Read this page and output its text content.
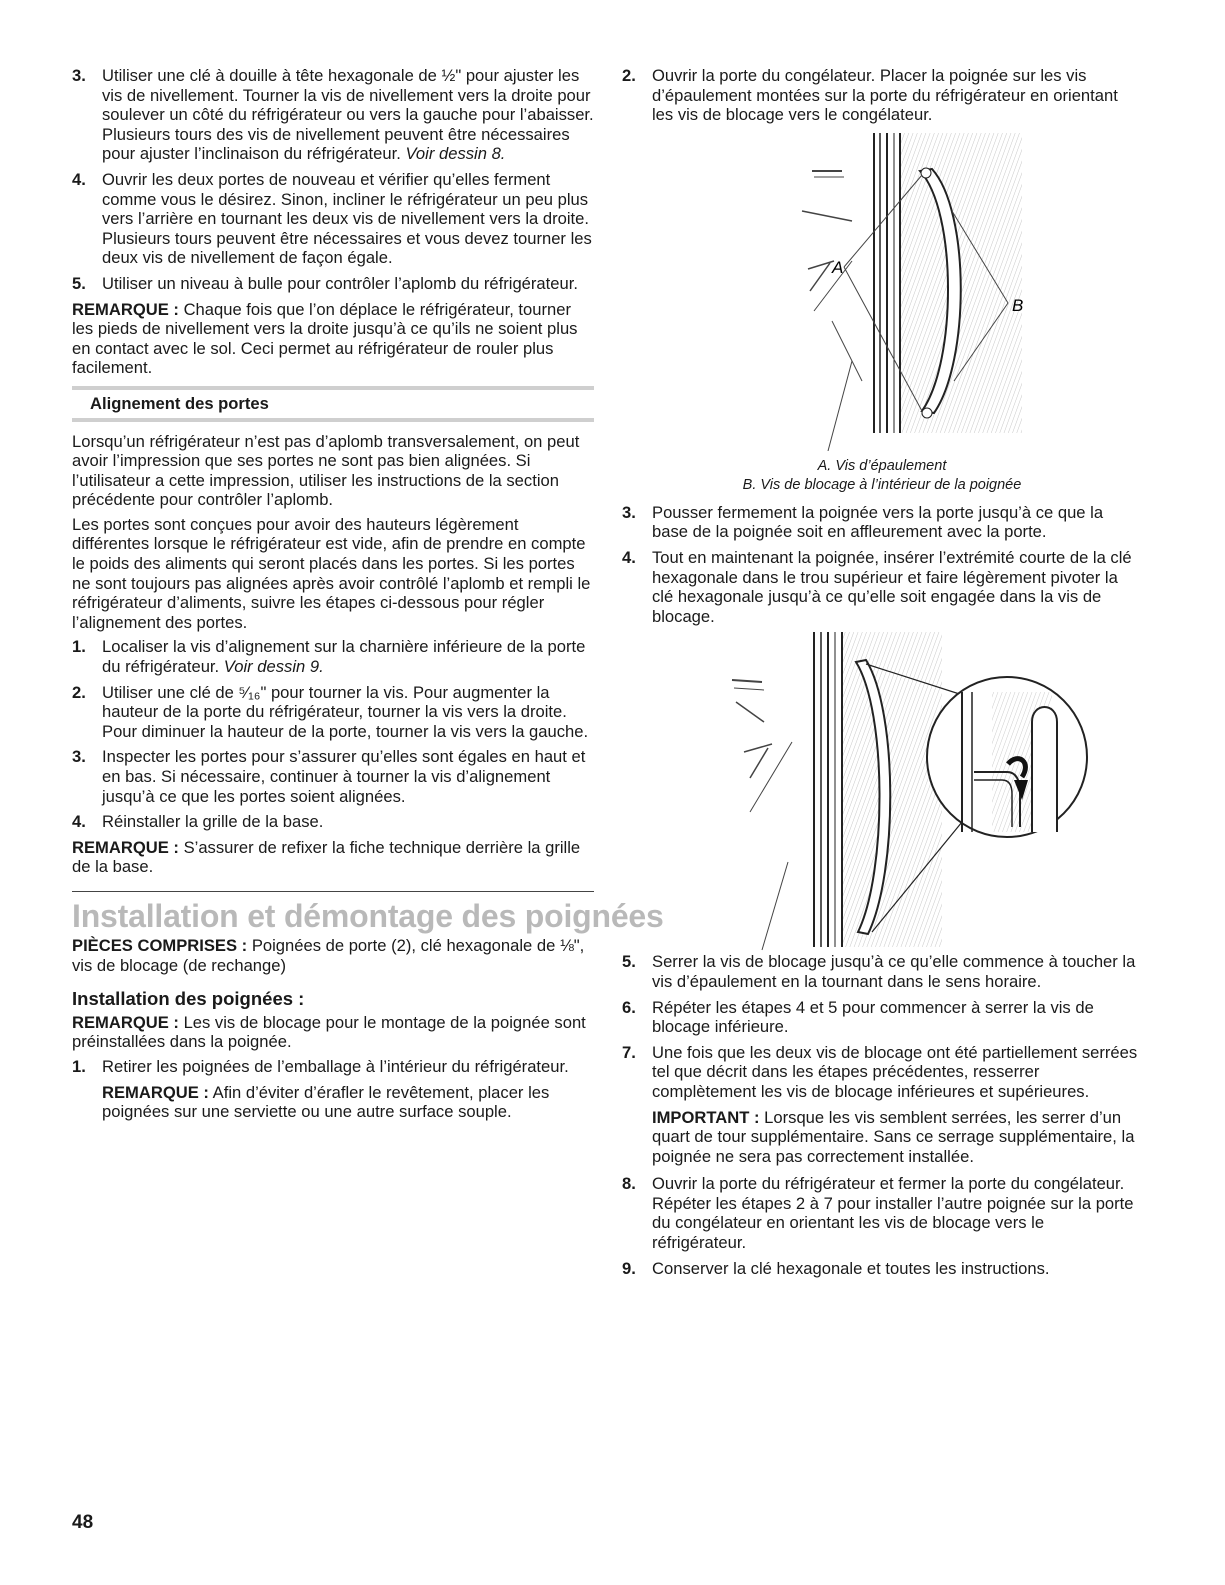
3. Utiliser une clé à douille à tête hexagonale de ½" pour ajuster les vis de nivellement. Tourner la vis de nivellement vers la droite pour soulever un côté du réfrigérateur ou vers la gauche pour l’abaisser. Plusieurs tours des vis de nivellement peuvent être nécessaires pour ajuster l’inclinaison du réfrigérateur. Voir dessin 8.
4. Ouvrir les deux portes de nouveau et vérifier qu’elles ferment comme vous le désirez. Sinon, incliner le réfrigérateur un peu plus vers l’arrière en tournant les deux vis de nivellement vers la droite. Plusieurs tours peuvent être nécessaires et vous devez tourner les deux vis de nivellement de façon égale.
5. Utiliser un niveau à bulle pour contrôler l’aplomb du réfrigérateur.

REMARQUE : Chaque fois que l’on déplace le réfrigérateur, tourner les pieds de nivellement vers la droite jusqu’à ce qu’ils ne soient plus en contact avec le sol. Ceci permet au réfrigérateur de rouler plus facilement.

Alignement des portes

Lorsqu’un réfrigérateur n’est pas d’aplomb transversalement, on peut avoir l’impression que ses portes ne sont pas bien alignées. Si l’utilisateur a cette impression, utiliser les instructions de la section précédente pour contrôler l’aplomb.

Les portes sont conçues pour avoir des hauteurs légèrement différentes lorsque le réfrigérateur est vide, afin de prendre en compte le poids des aliments qui seront placés dans les portes. Si les portes ne sont toujours pas alignées après avoir contrôlé l’aplomb et rempli le réfrigérateur d’aliments, suivre les étapes ci-dessous pour régler l’alignement des portes.

1. Localiser la vis d’alignement sur la charnière inférieure de la porte du réfrigérateur. Voir dessin 9.
2. Utiliser une clé de ⁵⁄₁₆" pour tourner la vis. Pour augmenter la hauteur de la porte du réfrigérateur, tourner la vis vers la droite. Pour diminuer la hauteur de la porte, tourner la vis vers la gauche.
3. Inspecter les portes pour s’assurer qu’elles sont égales en haut et en bas. Si nécessaire, continuer à tourner la vis d’alignement jusqu’à ce que les portes soient alignées.
4. Réinstaller la grille de la base.

REMARQUE : S’assurer de refixer la fiche technique derrière la grille de la base.

Installation et démontage des poignées

PIÈCES COMPRISES : Poignées de porte (2), clé hexagonale de ⅛", vis de blocage (de rechange)

Installation des poignées :

REMARQUE : Les vis de blocage pour le montage de la poignée sont préinstallées dans la poignée.

1. Retirer les poignées de l’emballage à l’intérieur du réfrigérateur.

REMARQUE : Afin d’éviter d’érafler le revêtement, placer les poignées sur une serviette ou une autre surface souple.

2. Ouvrir la porte du congélateur. Placer la poignée sur les vis d’épaulement montées sur la porte du réfrigérateur en orientant les vis de blocage vers le congélateur.
A
B
A. Vis d’épaulement
B. Vis de blocage à l’intérieur de la poignée
3. Pousser fermement la poignée vers la porte jusqu’à ce que la base de la poignée soit en affleurement avec la porte.
4. Tout en maintenant la poignée, insérer l’extrémité courte de la clé hexagonale dans le trou supérieur et faire légèrement pivoter la clé hexagonale jusqu’à ce qu’elle soit engagée dans la vis de blocage.
5. Serrer la vis de blocage jusqu’à ce qu’elle commence à toucher la vis d’épaulement en la tournant dans le sens horaire.
6. Répéter les étapes 4 et 5 pour commencer à serrer la vis de blocage inférieure.
7. Une fois que les deux vis de blocage ont été partiellement serrées tel que décrit dans les étapes précédentes, resserrer complètement les vis de blocage inférieures et supérieures.

IMPORTANT : Lorsque les vis semblent serrées, les serrer d’un quart de tour supplémentaire. Sans ce serrage supplémentaire, la poignée ne sera pas correctement installée.

8. Ouvrir la porte du réfrigérateur et fermer la porte du congélateur. Répéter les étapes 2 à 7 pour installer l’autre poignée sur la porte du congélateur en orientant les vis de blocage vers le réfrigérateur.
9. Conserver la clé hexagonale et toutes les instructions.
48
